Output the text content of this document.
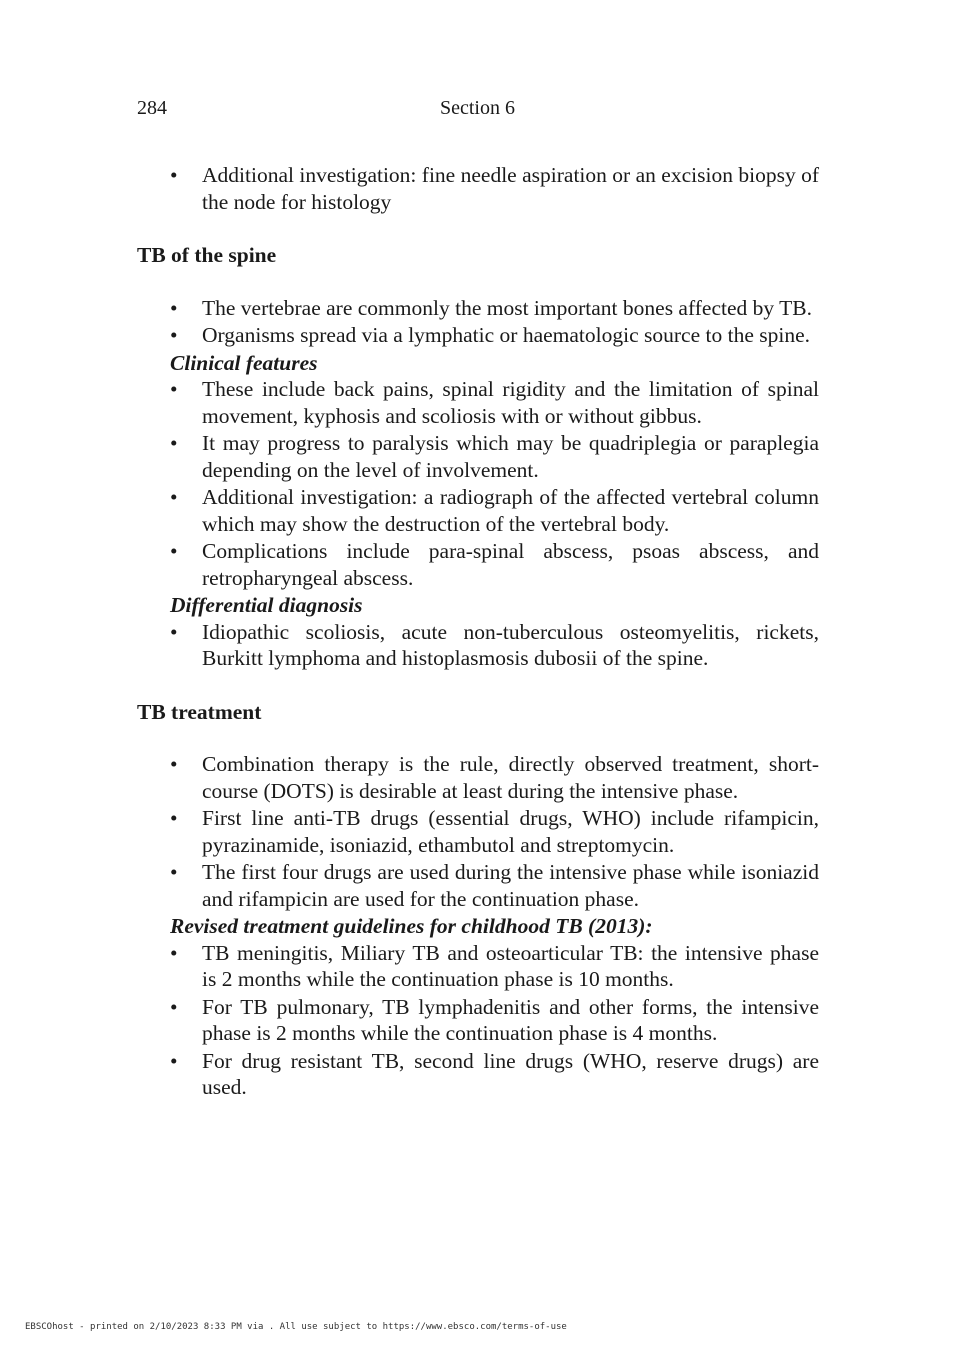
284	Section 6
• Additional investigation: fine needle aspiration or an excision biopsy of the node for histology
TB of the spine
• The vertebrae are commonly the most important bones affected by TB.
• Organisms spread via a lymphatic or haematologic source to the spine.
Clinical features
• These include back pains, spinal rigidity and the limitation of spinal movement, kyphosis and scoliosis with or without gibbus.
• It may progress to paralysis which may be quadriplegia or paraplegia depending on the level of involvement.
• Additional investigation: a radiograph of the affected vertebral column which may show the destruction of the vertebral body.
• Complications include para-spinal abscess, psoas abscess, and retropharyngeal abscess.
Differential diagnosis
• Idiopathic scoliosis, acute non-tuberculous osteomyelitis, rickets, Burkitt lymphoma and histoplasmosis dubosii of the spine.
TB treatment
• Combination therapy is the rule, directly observed treatment, short-course (DOTS) is desirable at least during the intensive phase.
• First line anti-TB drugs (essential drugs, WHO) include rifampicin, pyrazinamide, isoniazid, ethambutol and streptomycin.
• The first four drugs are used during the intensive phase while isoniazid and rifampicin are used for the continuation phase.
Revised treatment guidelines for childhood TB (2013):
• TB meningitis, Miliary TB and osteoarticular TB: the intensive phase is 2 months while the continuation phase is 10 months.
• For TB pulmonary, TB lymphadenitis and other forms, the intensive phase is 2 months while the continuation phase is 4 months.
• For drug resistant TB, second line drugs (WHO, reserve drugs) are used.
EBSCOhost - printed on 2/10/2023 8:33 PM via . All use subject to https://www.ebsco.com/terms-of-use
